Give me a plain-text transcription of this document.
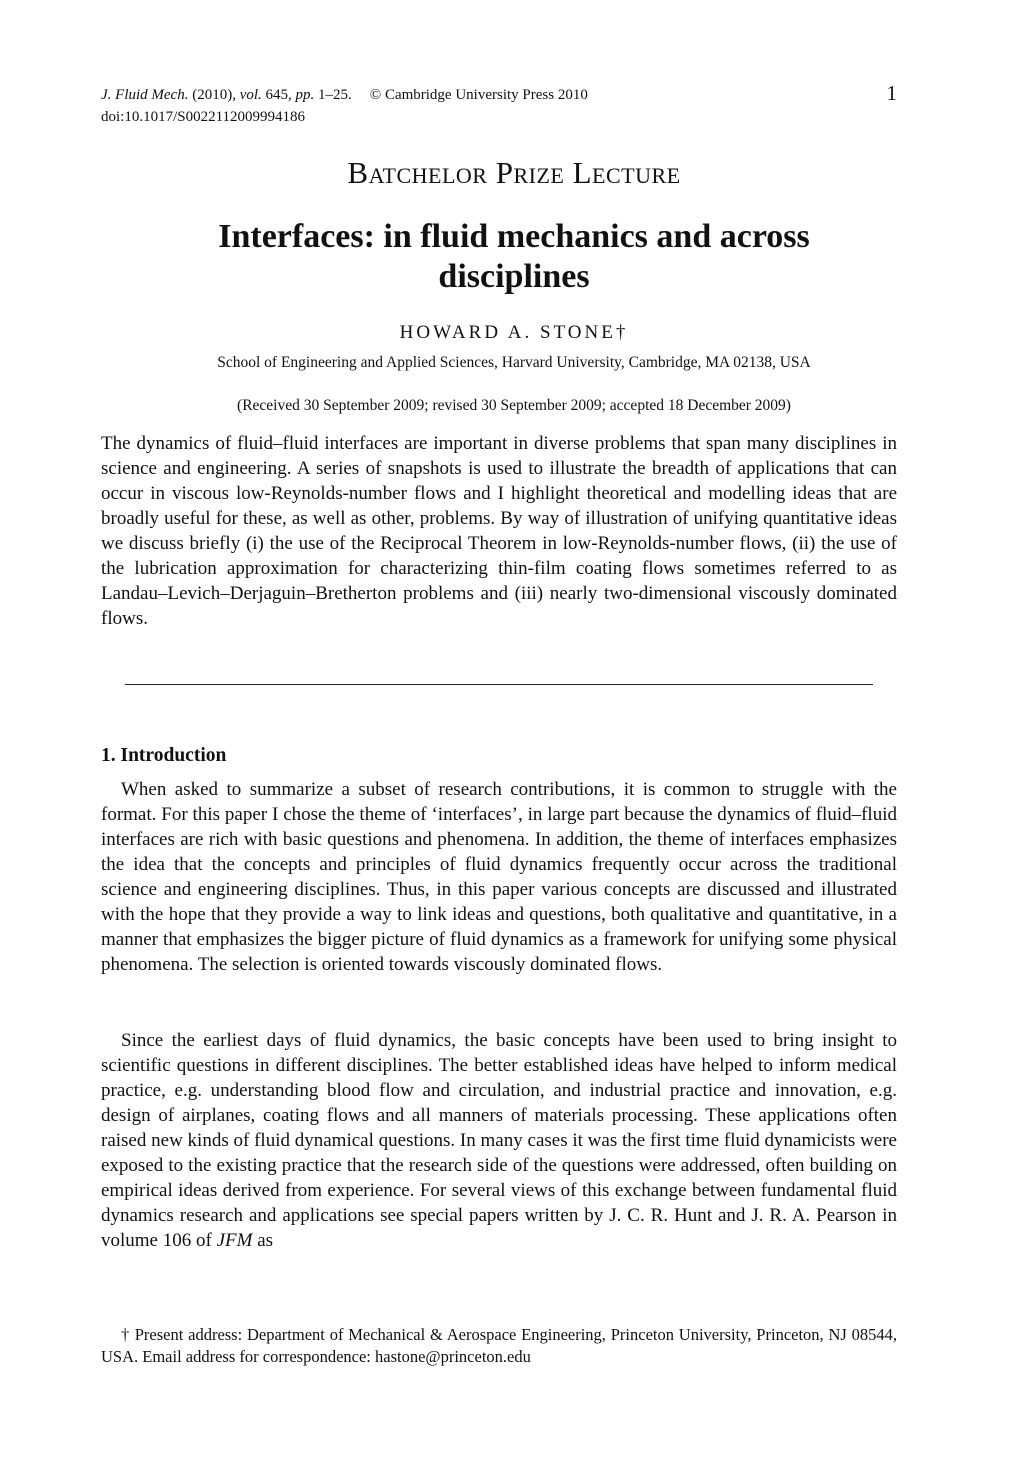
J. Fluid Mech. (2010), vol. 645, pp. 1–25. © Cambridge University Press 2010
doi:10.1017/S0022112009994186
1
Batchelor Prize Lecture
Interfaces: in fluid mechanics and across disciplines
HOWARD A. STONE†
School of Engineering and Applied Sciences, Harvard University, Cambridge, MA 02138, USA
(Received 30 September 2009; revised 30 September 2009; accepted 18 December 2009)

The dynamics of fluid–fluid interfaces are important in diverse problems that span many disciplines in science and engineering. A series of snapshots is used to illustrate the breadth of applications that can occur in viscous low-Reynolds-number flows and I highlight theoretical and modelling ideas that are broadly useful for these, as well as other, problems. By way of illustration of unifying quantitative ideas we discuss briefly (i) the use of the Reciprocal Theorem in low-Reynolds-number flows, (ii) the use of the lubrication approximation for characterizing thin-film coating flows sometimes referred to as Landau–Levich–Derjaguin–Bretherton problems and (iii) nearly two-dimensional viscously dominated flows.

1. Introduction

When asked to summarize a subset of research contributions, it is common to struggle with the format. For this paper I chose the theme of ‘interfaces’, in large part because the dynamics of fluid–fluid interfaces are rich with basic questions and phenomena. In addition, the theme of interfaces emphasizes the idea that the concepts and principles of fluid dynamics frequently occur across the traditional science and engineering disciplines. Thus, in this paper various concepts are discussed and illustrated with the hope that they provide a way to link ideas and questions, both qualitative and quantitative, in a manner that emphasizes the bigger picture of fluid dynamics as a framework for unifying some physical phenomena. The selection is oriented towards viscously dominated flows.

Since the earliest days of fluid dynamics, the basic concepts have been used to bring insight to scientific questions in different disciplines. The better established ideas have helped to inform medical practice, e.g. understanding blood flow and circulation, and industrial practice and innovation, e.g. design of airplanes, coating flows and all manners of materials processing. These applications often raised new kinds of fluid dynamical questions. In many cases it was the first time fluid dynamicists were exposed to the existing practice that the research side of the questions were addressed, often building on empirical ideas derived from experience. For several views of this exchange between fundamental fluid dynamics research and applications see special papers written by J. C. R. Hunt and J. R. A. Pearson in volume 106 of JFM as

† Present address: Department of Mechanical & Aerospace Engineering, Princeton University, Princeton, NJ 08544, USA. Email address for correspondence: hastone@princeton.edu
